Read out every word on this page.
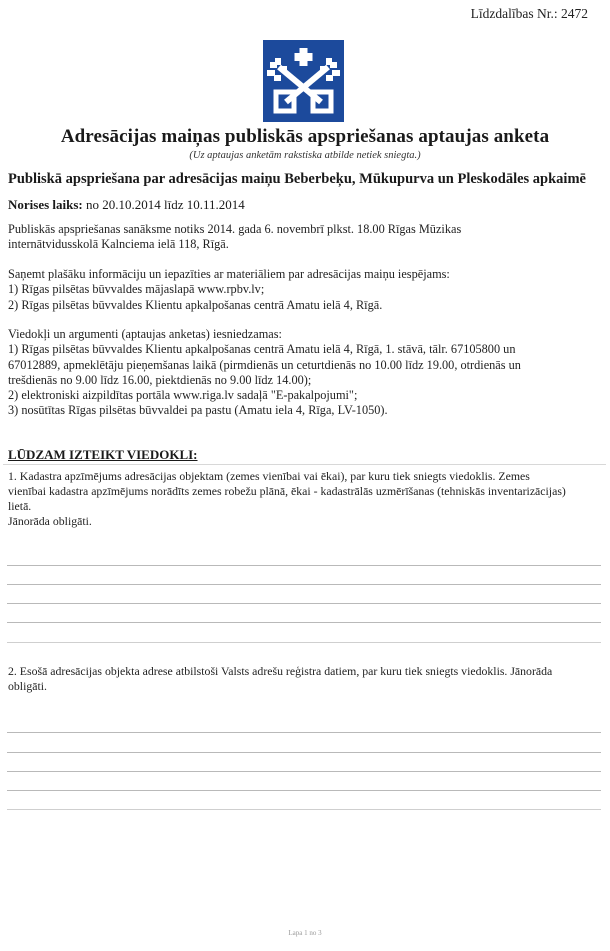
Līdzdalības Nr.: 2472
Adresācijas maiņas publiskās apspriešanas aptaujas anketa
(Uz aptaujas anketām rakstiska atbilde netiek sniegta.)
Publiskā apspriešana par adresācijas maiņu Beberbeķu, Mūkupurva un Pleskodāles apkaimē
Norises laiks: no 20.10.2014 līdz 10.11.2014
Publiskās apspriešanas sanāksme notiks 2014. gada 6. novembrī plkst. 18.00 Rīgas Mūzikas
internātvidusskolā Kalnciema ielā 118, Rīgā.
Saņemt plašāku informāciju un iepazīties ar materiāliem par adresācijas maiņu iespējams:
1) Rīgas pilsētas būvvaldes mājaslapā www.rpbv.lv;
2) Rīgas pilsētas būvvaldes Klientu apkalpošanas centrā Amatu ielā 4, Rīgā.
Viedokļi un argumenti (aptaujas anketas) iesniedzamas:
1) Rīgas pilsētas būvvaldes Klientu apkalpošanas centrā Amatu ielā 4, Rīgā, 1. stāvā, tālr. 67105800 un
67012889, apmeklētāju pieņemšanas laikā (pirmdienās un ceturtdienās no 10.00 līdz 19.00, otrdienās un
trešdienās no 9.00 līdz 16.00, piektdienās no 9.00 līdz 14.00);
2) elektroniski aizpildītas portāla www.riga.lv sadaļā "E-pakalpojumi";
3) nosūtītas Rīgas pilsētas būvvaldei pa pastu (Amatu iela 4, Rīga, LV-1050).
LŪDZAM IZTEIKT VIEDOKLI:
1. Kadastra apzīmējums adresācijas objektam (zemes vienībai vai ēkai), par kuru tiek sniegts viedoklis. Zemes
vienībai kadastra apzīmējums norādīts zemes robežu plānā, ēkai - kadastrālās uzmērīšanas (tehniskās inventarizācijas)
lietā.
Jānorāda obligāti.
2. Esošā adresācijas objekta adrese atbilstoši Valsts adrešu reģistra datiem, par kuru tiek sniegts viedoklis. Jānorāda
obligāti.
Lapa 1 no 3
